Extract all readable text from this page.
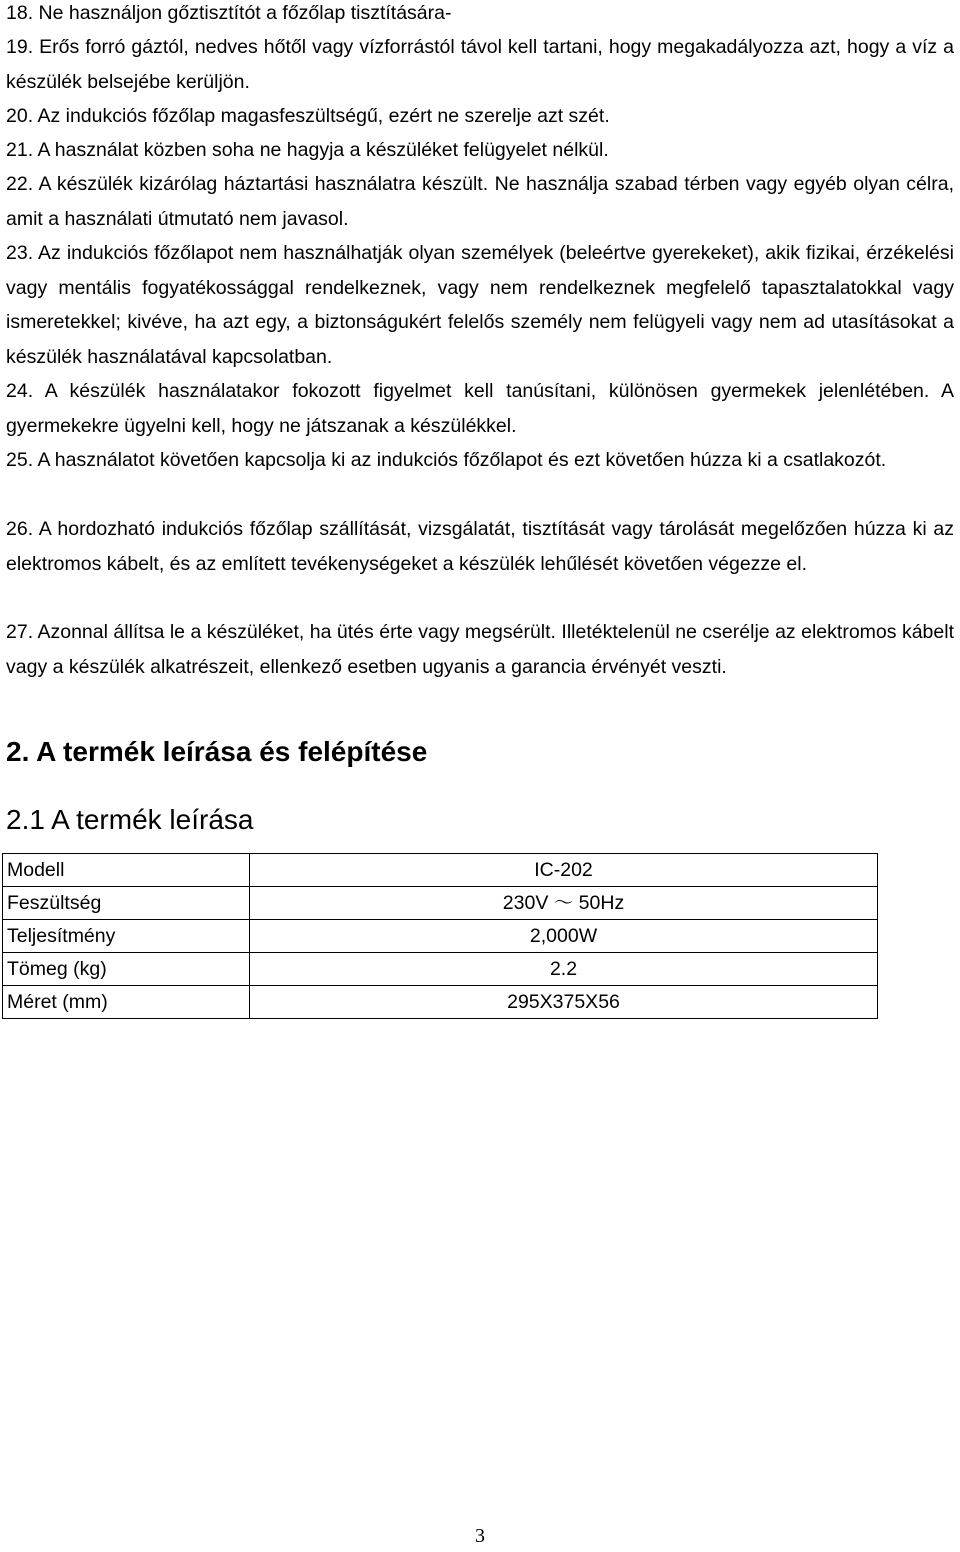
18. Ne használjon gőztisztítót a főzőlap tisztítására-

19. Erős forró gáztól, nedves hőtől vagy vízforrástól távol kell tartani, hogy megakadályozza azt, hogy a víz a készülék belsejébe kerüljön.

20. Az indukciós főzőlap magasfeszültségű, ezért ne szerelje azt szét.

21. A használat közben soha ne hagyja a készüléket felügyelet nélkül.

22. A készülék kizárólag háztartási használatra készült. Ne használja szabad térben vagy egyéb olyan célra, amit a használati útmutató nem javasol.

23. Az indukciós főzőlapot nem használhatják olyan személyek (beleértve gyerekeket), akik fizikai, érzékelési vagy mentális fogyatékossággal rendelkeznek, vagy nem rendelkeznek megfelelő tapasztalatokkal vagy ismeretekkel; kivéve, ha azt egy, a biztonságukért felelős személy nem felügyeli vagy nem ad utasításokat a készülék használatával kapcsolatban.

24. A készülék használatakor fokozott figyelmet kell tanúsítani, különösen gyermekek jelenlétében. A gyermekekre ügyelni kell, hogy ne játszanak a készülékkel.

25. A használatot követően kapcsolja ki az indukciós főzőlapot és ezt követően húzza ki a csatlakozót.

26. A hordozható indukciós főzőlap szállítását, vizsgálatát, tisztítását vagy tárolását megelőzően húzza ki az elektromos kábelt, és az említett tevékenységeket a készülék lehűlését követően végezze el.

27. Azonnal állítsa le a készüléket, ha ütés érte vagy megsérült. Illetéktelenül ne cserélje az elektromos kábelt vagy a készülék alkatrészeit, ellenkező esetben ugyanis a garancia érvényét veszti.

2. A termék leírása és felépítése
2.1 A termék leírása
Modell	IC-202
Feszültség	230V ～ 50Hz
Teljesítmény	2,000W
Tömeg (kg)	2.2
Méret (mm)	295X375X56
3
